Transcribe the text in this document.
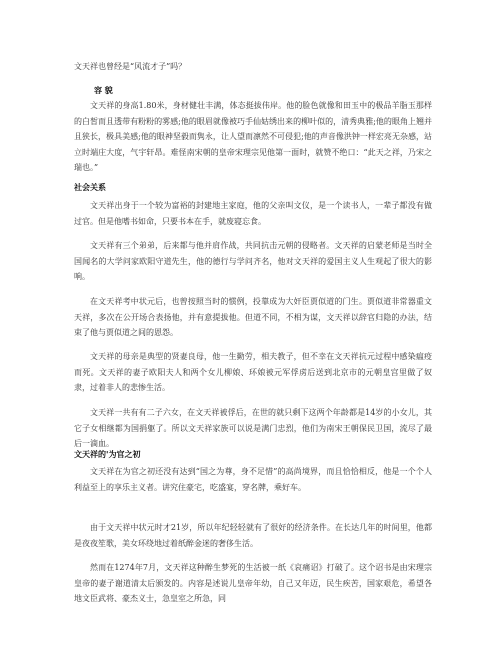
文天祥也曾经是“风流才子”吗？
容 貌

文天祥的身高1.80米，身材健壮丰满，体态挺拔伟岸。他的脸色就像和田玉中的极品羊脂玉那样的白皙而且透带有粉粉的雾感;他的眼眉就像被巧手仙姑绣出来的柳叶似的，清秀典雅;他的眼角上翘并且狭长，极具美感;他的眼神坚毅而隽永，让人望而凛然不可侵犯;他的声音像洪钟一样宏亮无杂感，站立时端庄大度，气宇轩昂。难怪南宋朝的皇帝宋理宗见他第一面时，就赞不绝口：“此天之祥，乃宋之瑞也。”

社会关系

文天祥出身于一个较为富裕的封建地主家庭，他的父亲叫文仪，是一个读书人，一辈子都没有做过官。但是他嗜书如命，只要书本在手，就废寝忘食。

文天祥有三个弟弟，后来都与他并肩作战，共同抗击元朝的侵略者。文天祥的启蒙老师是当时全国闻名的大学问家欧阳守道先生，他的德行与学问齐名，他对文天祥的爱国主义人生观起了很大的影响。

在文天祥考中状元后，也曾按照当时的惯例，投靠成为大奸臣贾似道的门生。贾似道非常器重文天祥，多次在公开场合表扬他，并有意提拔他。但道不同，不相为谋，文天祥以辞官归隐的办法，结束了他与贾似道之间的恩怨。

文天祥的母亲是典型的贤妻良母，他一生勤劳，相夫教子，但不幸在文天祥抗元过程中感染瘟疫而死。文天祥的妻子欧阳夫人和两个女儿柳娘、环娘被元军俘虏后送到北京市的元朝皇宫里做了奴隶，过着非人的悲惨生活。

文天祥一共有有二子六女，在文天祥被俘后，在世的就只剩下这两个年龄都是14岁的小女儿，其它子女相继都为国捐躯了。所以文天祥家族可以说是满门忠烈，他们为南宋王朝保民卫国，流尽了最后一滴血。

文天祥的'为官之初

文天祥在为官之初还没有达到“国之为尊，身不足惜”的高尚境界，而且恰恰相反，他是一个个人利益至上的享乐主义者。讲究住豪宅，吃盛宴，穿名牌，乘好车。

由于文天祥中状元时才21岁，所以年纪轻轻就有了很好的经济条件。在长达几年的时间里，他都是夜夜笙歌，美女环绕地过着纸醉金迷的奢侈生活。

然而在1274年7月，文天祥这种醉生梦死的生活被一纸《哀痛诏》打破了。这个诏书是由宋理宗皇帝的妻子谢道清太后颁发的。内容是述说儿皇帝年幼，自己又年迈，民生疾苦，国家艰危，希望各地文臣武将、豪杰义士，急皇室之所急，同
